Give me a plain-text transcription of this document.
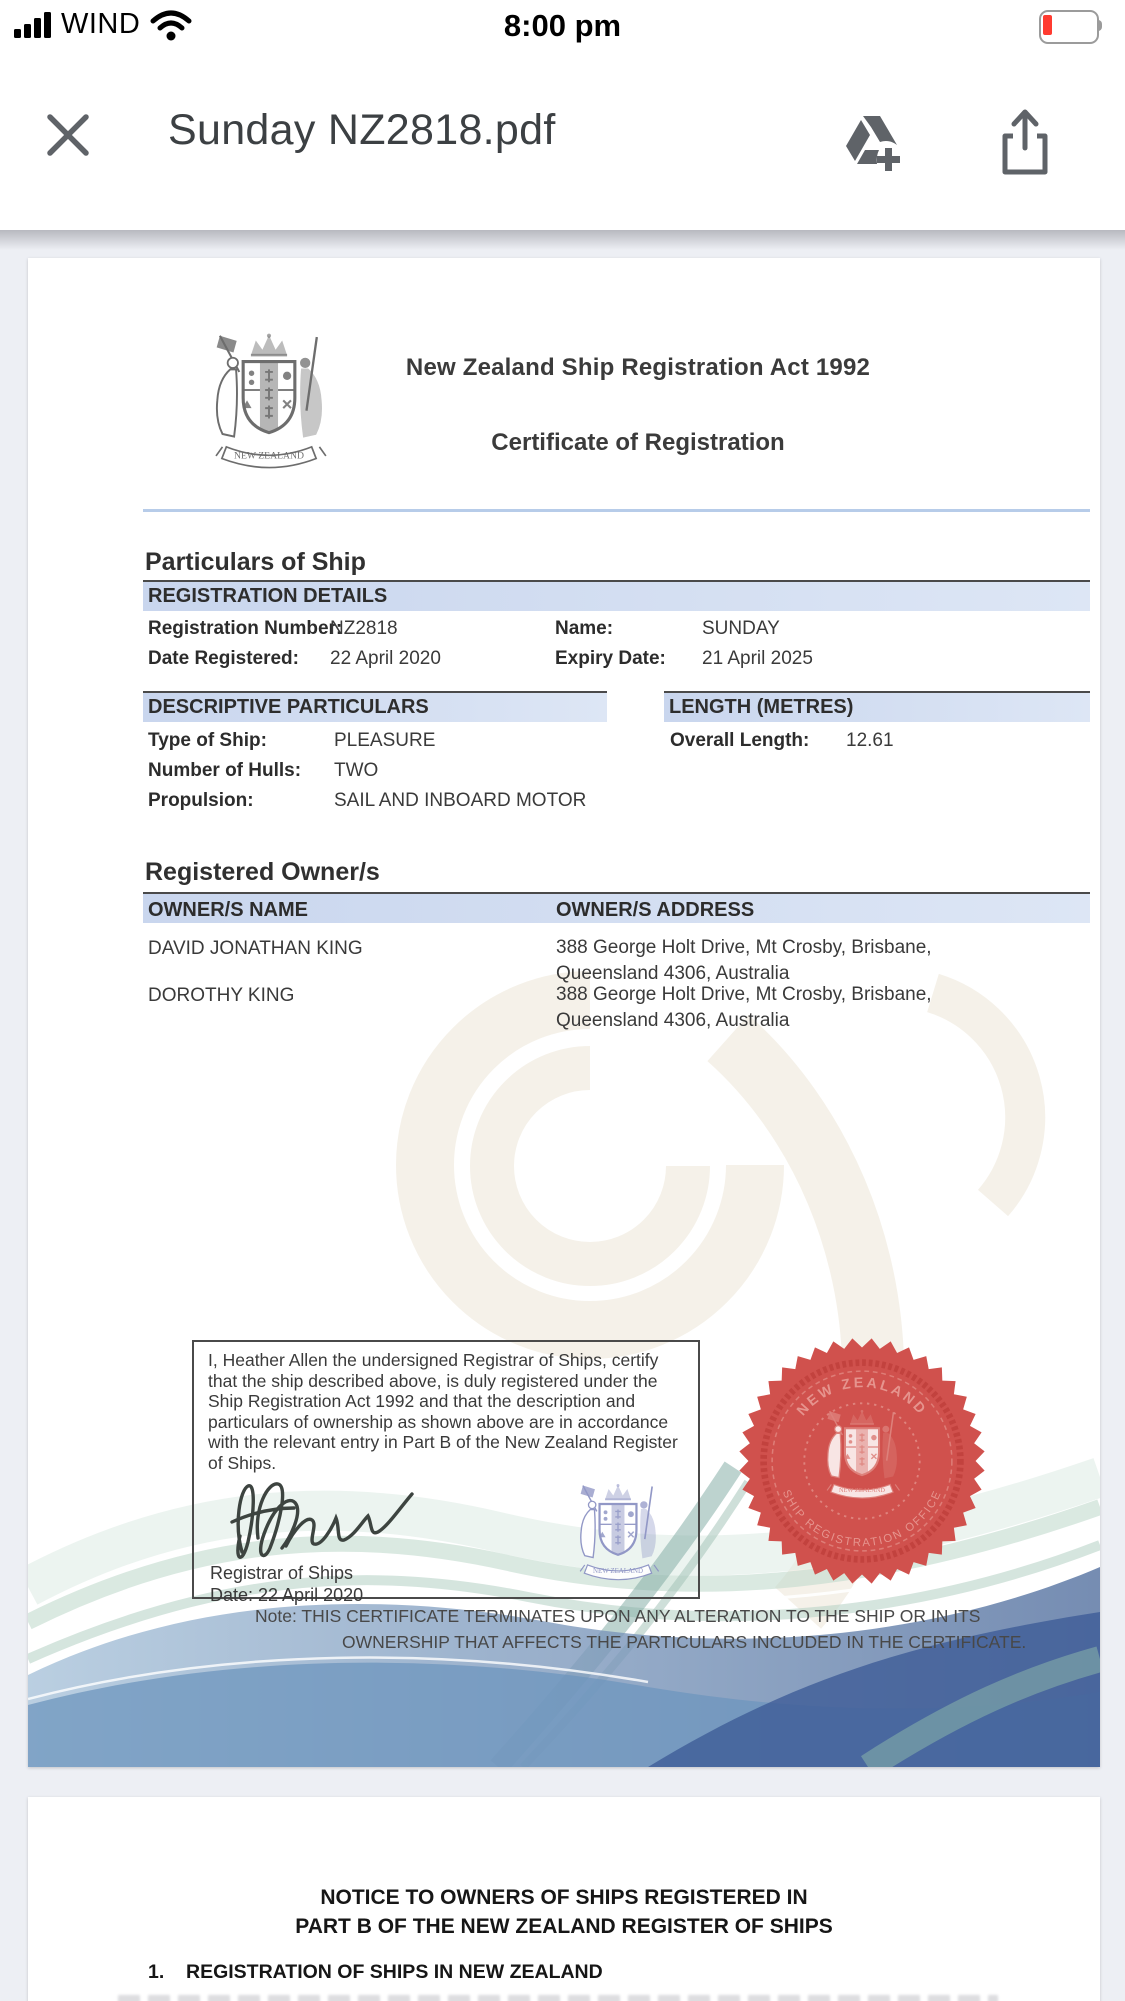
WIND	8:00 pm
Sunday NZ2818.pdf
New Zealand Ship Registration Act 1992
Certificate of Registration
Particulars of Ship
REGISTRATION DETAILS
Registration Number:
NZ2818	Name:	SUNDAY
Date Registered: 22 April 2020	Expiry Date: 21 April 2025
DESCRIPTIVE PARTICULARS	LENGTH (METRES)
Type of Ship:	PLEASURE
Number of Hulls: TWO
Propulsion:	SAIL AND INBOARD MOTOR
Overall Length: 12.61
Registered Owner/s
OWNER/S NAME	OWNER/S ADDRESS
DAVID JONATHAN KING	388 George Holt Drive, Mt Crosby, Brisbane,
Queensland 4306, Australia
DOROTHY KING	388 George Holt Drive, Mt Crosby, Brisbane,
Queensland 4306, Australia
I, Heather Allen the undersigned Registrar of Ships, certify
that the ship described above, is duly registered under the
Ship Registration Act 1992 and that the description and
particulars of ownership as shown above are in accordance
with the relevant entry in Part B of the New Zealand Register
of Ships.
Registrar of Ships
Date: 22 April 2020
NEW ZEALAND
SHIP REGISTRATION OFFICE
Note: THIS CERTIFICATE TERMINATES UPON ANY ALTERATION TO THE SHIP OR IN ITS
OWNERSHIP THAT AFFECTS THE PARTICULARS INCLUDED IN THE CERTIFICATE.
NOTICE TO OWNERS OF SHIPS REGISTERED IN
PART B OF THE NEW ZEALAND REGISTER OF SHIPS
1. REGISTRATION OF SHIPS IN NEW ZEALAND
